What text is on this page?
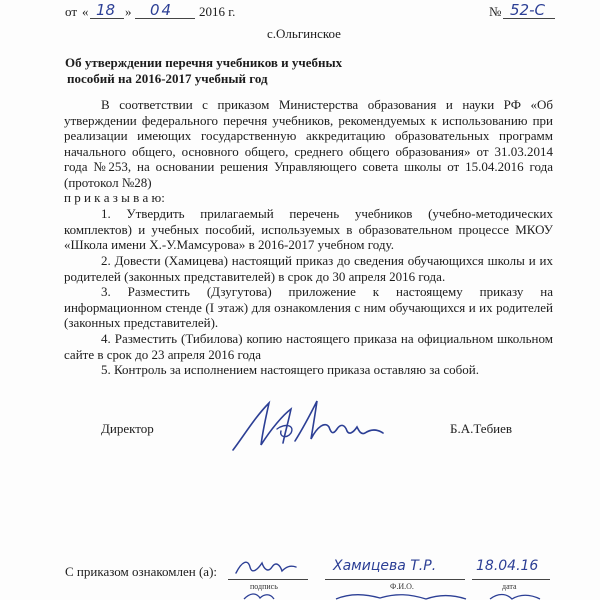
от « 18 » 04 2016 г.	№ 52-С
с.Ольгинское
Об утверждении перечня учебников и учебных
пособий на 2016-2017 учебный год
В соответствии с приказом Министерства образования и науки РФ «Об утверждении федерального перечня учебников, рекомендуемых к использованию при реализации имеющих государственную аккредитацию образовательных программ начального общего, основного общего, среднего общего образования» от 31.03.2014 года №253, на основании решения Управляющего совета школы от 15.04.2016 года (протокол №28)
п р и к а з ы в а ю:
1. Утвердить прилагаемый перечень учебников (учебно-методических комплектов) и учебных пособий, используемых в образовательном процессе МКОУ «Школа имени Х.-У.Мамсурова» в 2016-2017 учебном году.
2. Довести (Хамицева) настоящий приказ до сведения обучающихся школы и их родителей (законных представителей) в срок до 30 апреля 2016 года.
3. Разместить (Дзугутова) приложение к настоящему приказу на информационном стенде (I этаж) для ознакомления с ним обучающихся и их родителей (законных представителей).
4. Разместить (Тибилова) копию настоящего приказа на официальном школьном сайте в срок до 23 апреля 2016 года
5. Контроль за исполнением настоящего приказа оставляю за собой.
Директор	Б.А.Тебиев
С приказом ознакомлен (а):
подпись
Хамицева Т.Р.
Ф.И.О.
18.04.16
дата
